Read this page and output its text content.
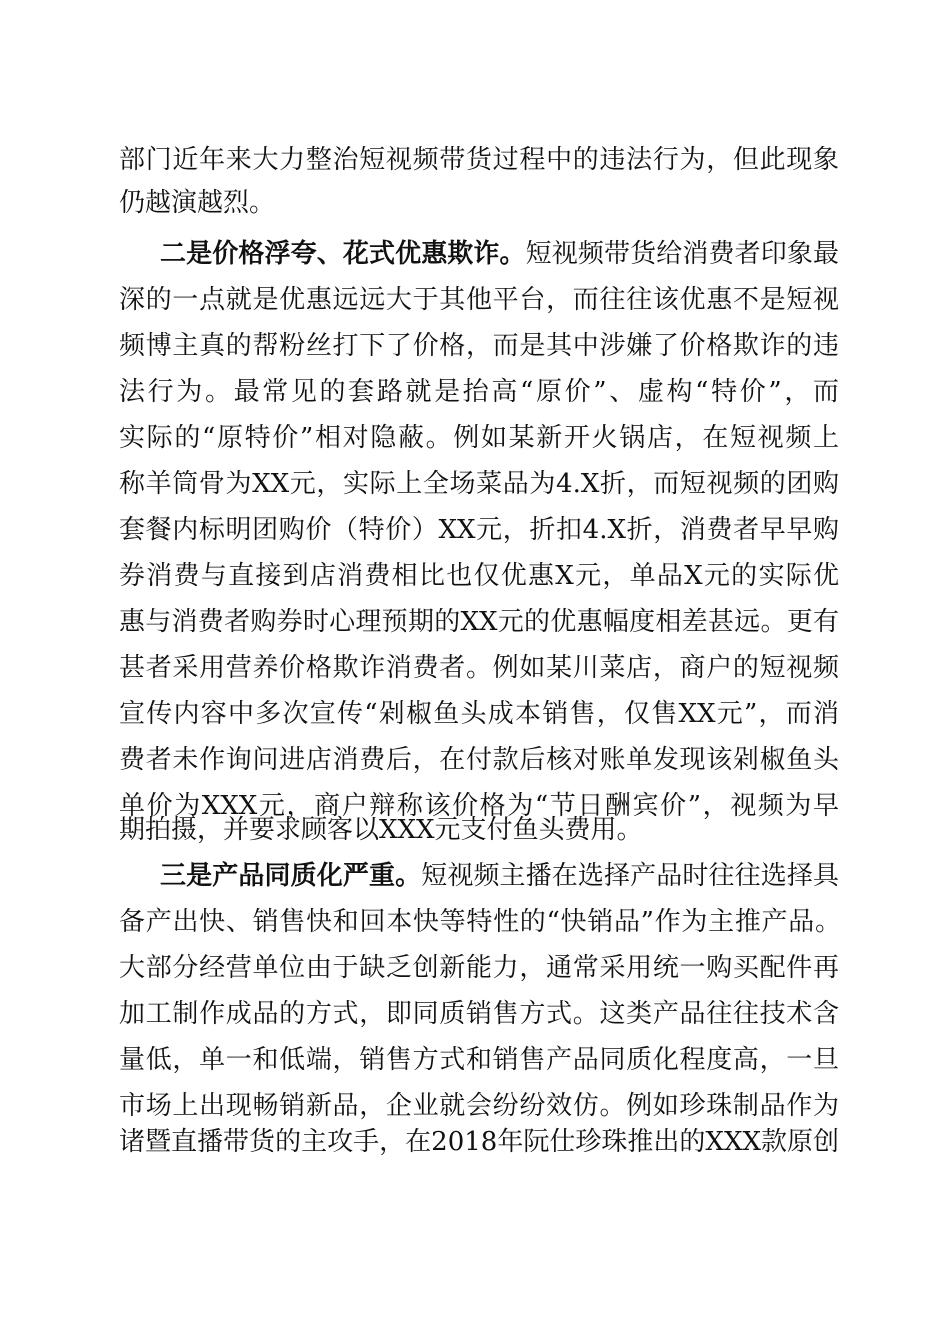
部门近年来大力整治短视频带货过程中的违法行为，但此现象
仍越演越烈。
二是价格浮夸、花式优惠欺诈。短视频带货给消费者印象最
深的一点就是优惠远远大于其他平台，而往往该优惠不是短视
频博主真的帮粉丝打下了价格，而是其中涉嫌了价格欺诈的违
法行为。最常见的套路就是抬高“原价”、虚构“特价”，而
实际的“原特价”相对隐蔽。例如某新开火锅店，在短视频上
称羊筒骨为XX元，实际上全场菜品为4.X折，而短视频的团购
套餐内标明团购价（特价）XX元，折扣4.X折，消费者早早购
券消费与直接到店消费相比也仅优惠X元，单品X元的实际优
惠与消费者购券时心理预期的XX元的优惠幅度相差甚远。更有
甚者采用营养价格欺诈消费者。例如某川菜店，商户的短视频
宣传内容中多次宣传“剁椒鱼头成本销售，仅售XX元”，而消
费者未作询问进店消费后，在付款后核对账单发现该剁椒鱼头
单价为XXX元，商户辩称该价格为“节日酬宾价”，视频为早
期拍摄，并要求顾客以XXX元支付鱼头费用。
三是产品同质化严重。短视频主播在选择产品时往往选择具
备产出快、销售快和回本快等特性的“快销品”作为主推产品。
大部分经营单位由于缺乏创新能力，通常采用统一购买配件再
加工制作成品的方式，即同质销售方式。这类产品往往技术含
量低，单一和低端，销售方式和销售产品同质化程度高，一旦
市场上出现畅销新品，企业就会纷纷效仿。例如珍珠制品作为
诸暨直播带货的主攻手，在2018年阮仕珍珠推出的XXX款原创
